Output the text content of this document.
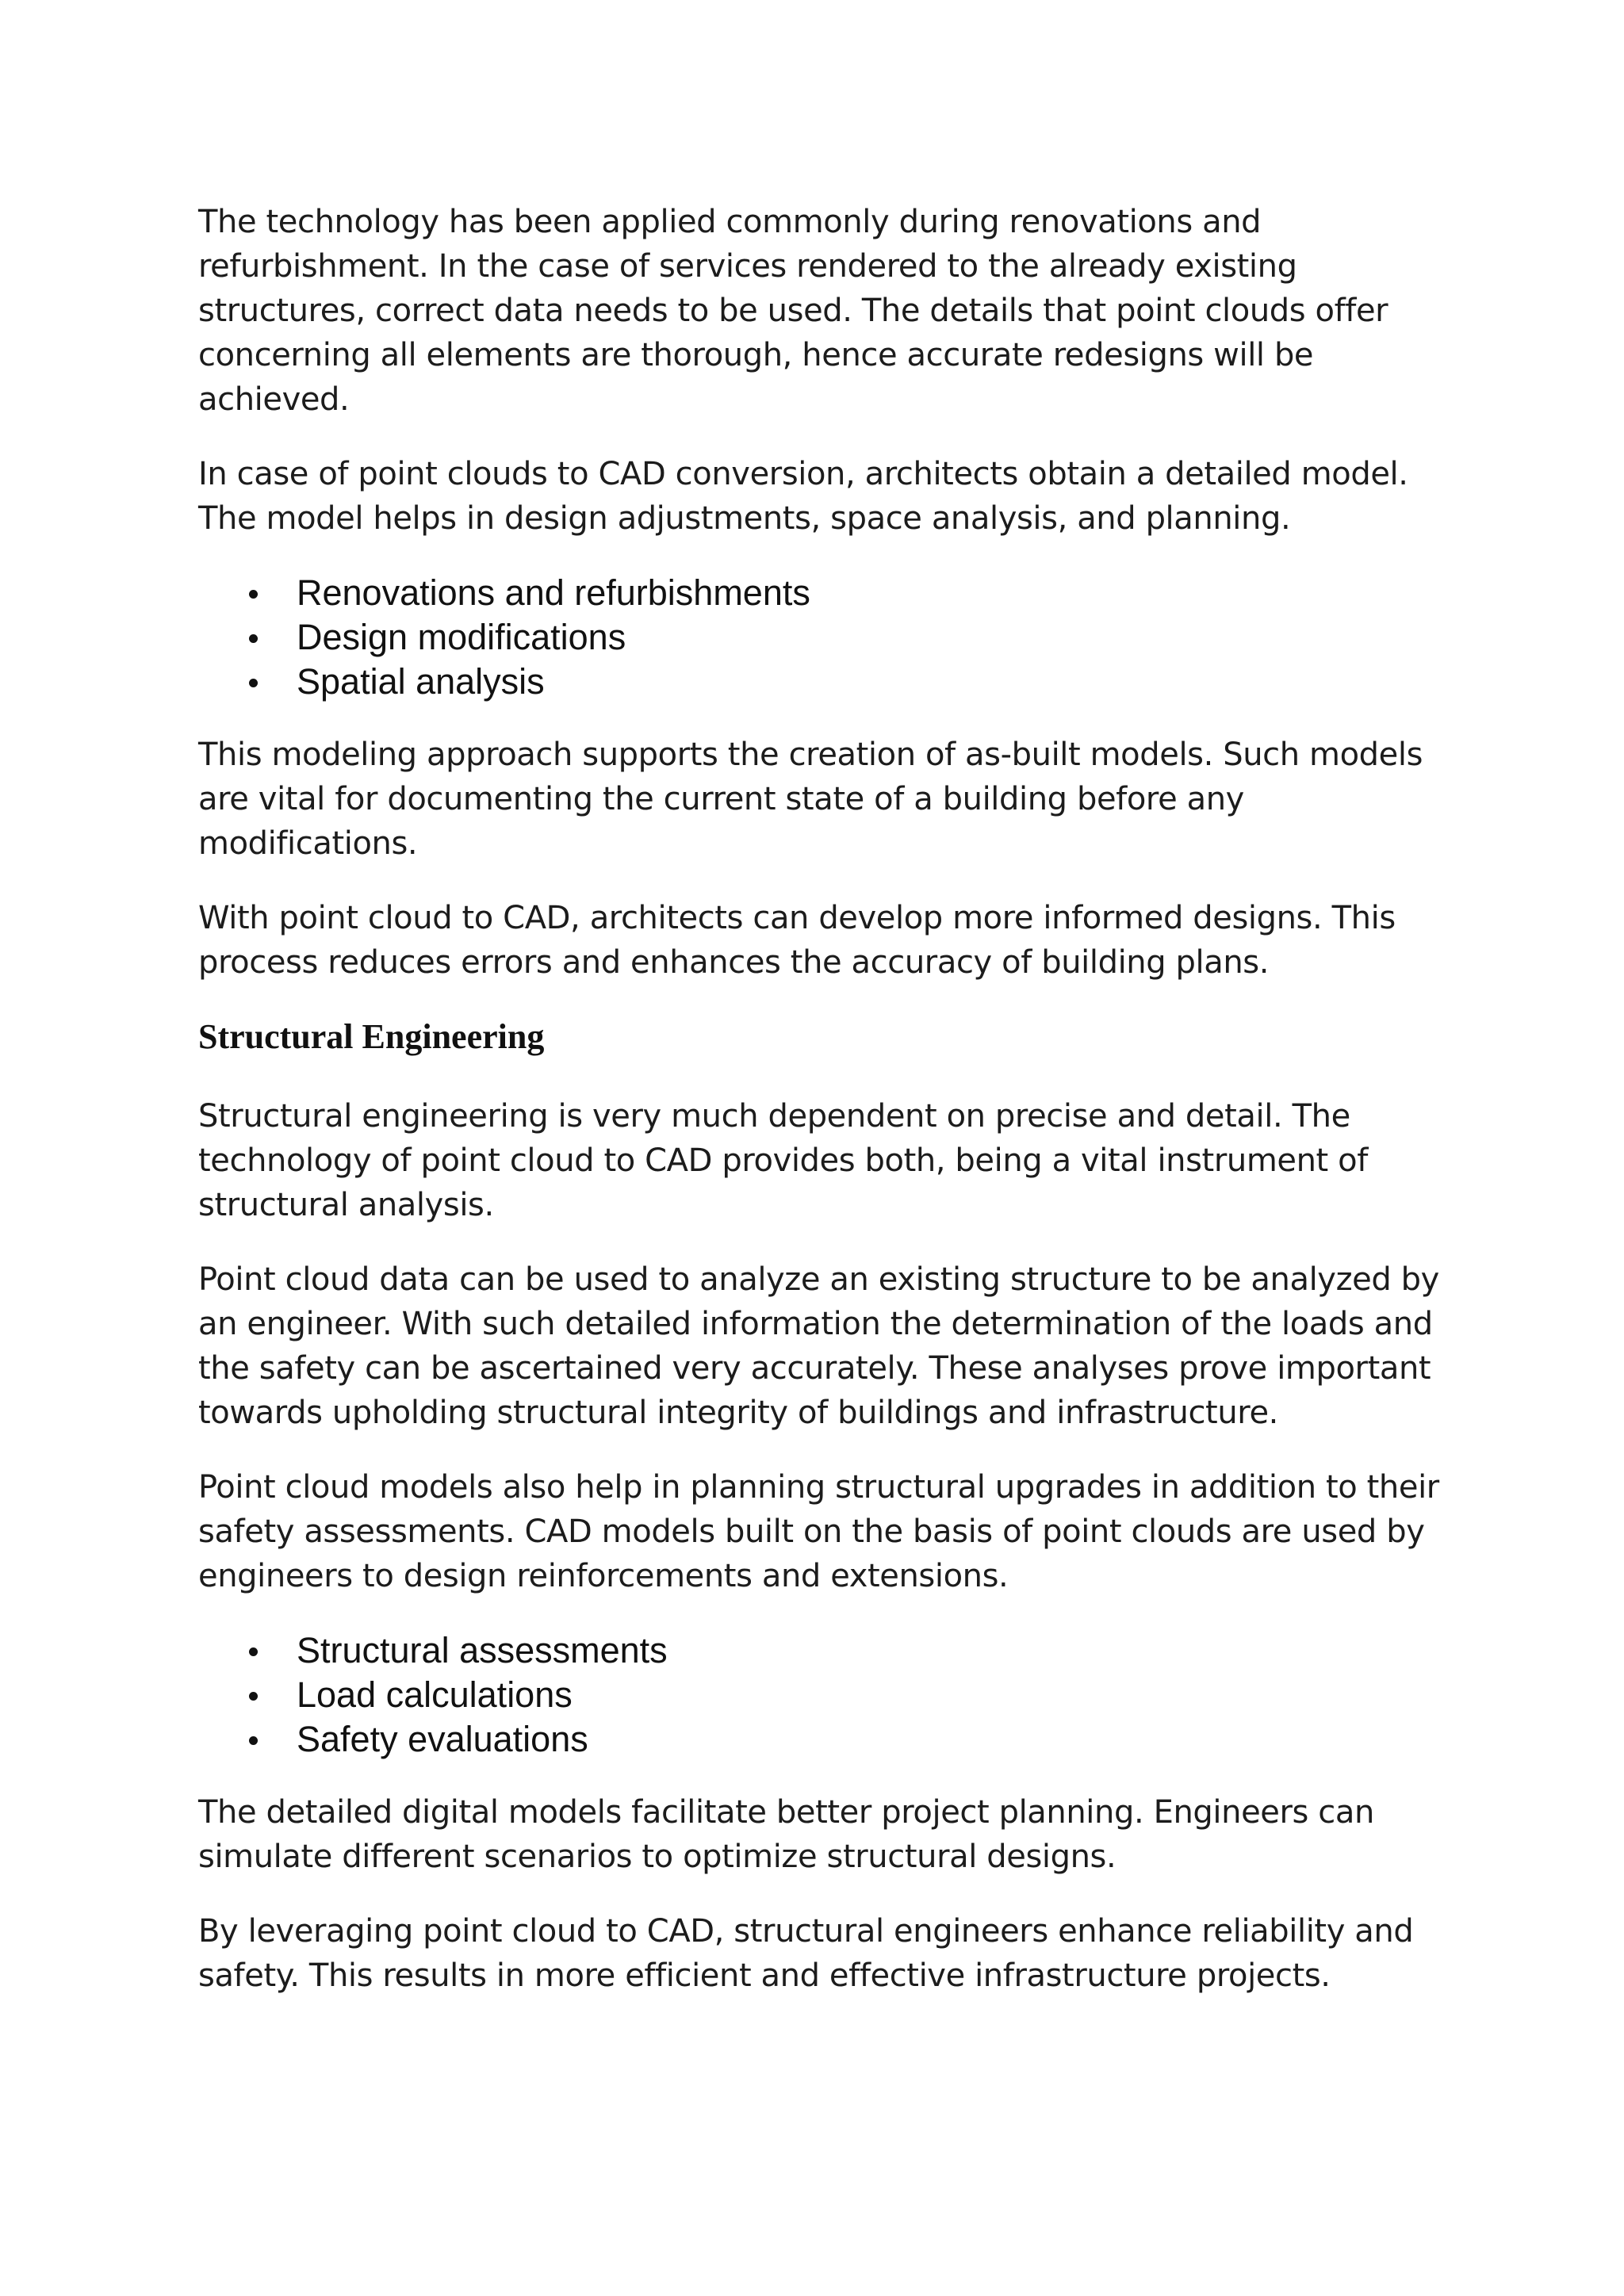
The technology has been applied commonly during renovations and refurbishment. In the case of services rendered to the already existing structures, correct data needs to be used. The details that point clouds offer concerning all elements are thorough, hence accurate redesigns will be achieved.

In case of point clouds to CAD conversion, architects obtain a detailed model. The model helps in design adjustments, space analysis, and planning.

Renovations and refurbishments
Design modifications
Spatial analysis

This modeling approach supports the creation of as-built models. Such models are vital for documenting the current state of a building before any modifications.

With point cloud to CAD, architects can develop more informed designs. This process reduces errors and enhances the accuracy of building plans.

Structural Engineering

Structural engineering is very much dependent on precise and detail. The technology of point cloud to CAD provides both, being a vital instrument of structural analysis.

Point cloud data can be used to analyze an existing structure to be analyzed by an engineer. With such detailed information the determination of the loads and the safety can be ascertained very accurately. These analyses prove important towards upholding structural integrity of buildings and infrastructure.

Point cloud models also help in planning structural upgrades in addition to their safety assessments. CAD models built on the basis of point clouds are used by engineers to design reinforcements and extensions.

Structural assessments
Load calculations
Safety evaluations

The detailed digital models facilitate better project planning. Engineers can simulate different scenarios to optimize structural designs.

By leveraging point cloud to CAD, structural engineers enhance reliability and safety. This results in more efficient and effective infrastructure projects.
